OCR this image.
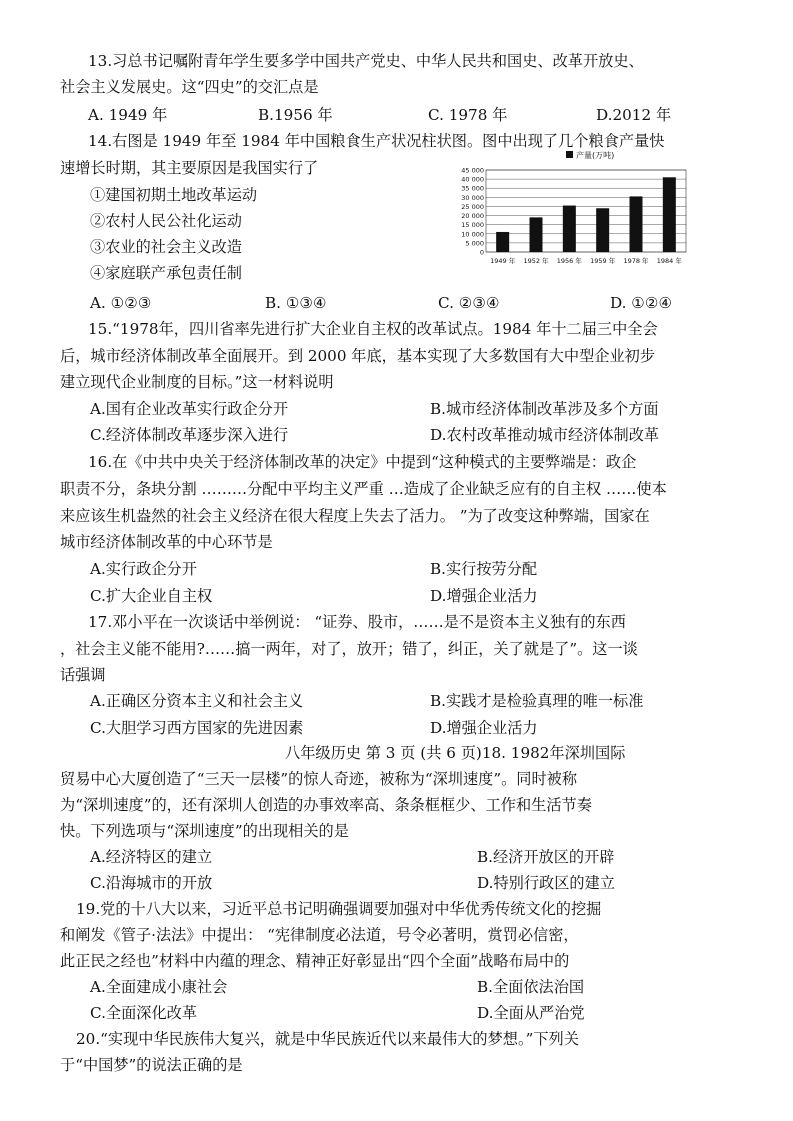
13.习总书记嘱附青年学生要多学中国共产党史、中华人民共和国史、改革开放史、
社会主义发展史。这“四史”的交汇点是
A. 1949 年	B.1956 年	C. 1978 年	D.2012 年
14.右图是 1949 年至 1984 年中国粮食生产状况柱状图。图中出现了几个粮食产量快
速增长时期，其主要原因是我国实行了
①建国初期土地改革运动
②农村人民公社化运动
③农业的社会主义改造
④家庭联产承包责任制
A. ①②③	B. ①③④	C. ②③④	D. ①②④
产量(万吨)
0
5 000
10 000
15 000
20 000
25 000
30 000
35 000
40 000
45 000
1949 年 1952 年 1956 年 1959 年 1978 年 1984 年
15.“1978年，四川省率先进行扩大企业自主权的改革试点。1984 年十二届三中全会
后，城市经济体制改革全面展开。到 2000 年底，基本实现了大多数国有大中型企业初步
建立现代企业制度的目标。”这一材料说明
A.国有企业改革实行政企分开	B.城市经济体制改革涉及多个方面
C.经济体制改革逐步深入进行	D.农村改革推动城市经济体制改革
16.在《中共中央关于经济体制改革的决定》中提到“这种模式的主要弊端是：政企
职责不分，条块分割 ………分配中平均主义严重 …造成了企业缺乏应有的自主权 ……使本
来应该生机盎然的社会主义经济在很大程度上失去了活力。 ”为了改变这种弊端，国家在
城市经济体制改革的中心环节是
A.实行政企分开	B.实行按劳分配
C.扩大企业自主权	D.增强企业活力
17.邓小平在一次谈话中举例说： “证券、股市，……是不是资本主义独有的东西
，社会主义能不能用?……搞一两年，对了，放开；错了，纠正，关了就是了”。这一谈
话强调
A.正确区分资本主义和社会主义	B.实践才是检验真理的唯一标准
C.大胆学习西方国家的先进因素	D.增强企业活力
八年级历史 第 3 页 (共 6 页)18. 1982年深圳国际
贸易中心大厦创造了“三天一层楼”的惊人奇迹，被称为“深圳速度”。同时被称
为“深圳速度”的，还有深圳人创造的办事效率高、条条框框少、工作和生活节奏
快。下列选项与“深圳速度”的出现相关的是
A.经济特区的建立	B.经济开放区的开辟
C.沿海城市的开放	D.特别行政区的建立
19.党的十八大以来，习近平总书记明确强调要加强对中华优秀传统文化的挖掘
和阐发《管子·法法》中提出： “宪律制度必法道，号令必著明，赏罚必信密，
此正民之经也”材料中内蕴的理念、精神正好彰显出“四个全面”战略布局中的
A.全面建成小康社会	B.全面依法治国
C.全面深化改革	D.全面从严治党
20.“实现中华民族伟大复兴，就是中华民族近代以来最伟大的梦想。”下列关
于“中国梦”的说法正确的是
